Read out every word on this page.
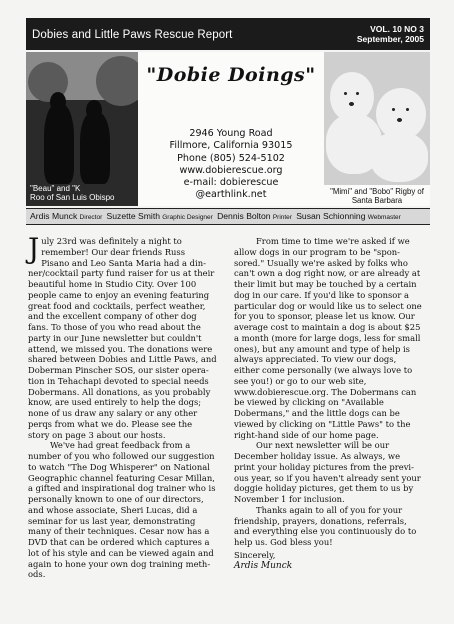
Dobies and Little Paws Rescue Report	VOL. 10 NO 3
September, 2005
"Beau" and "K
Roo of San Luis Obispo
"Dobie Doings"
2946 Young Road
Fillmore, California 93015
Phone (805) 524-5102
www.dobierescue.org
e-mail: dobierescue
@earthlink.net	"Mimi" and "Bobo" Rigby of
Santa Barbara
Ardis Munck Director Suzette Smith Graphic Designer Dennis Bolton Printer Susan Schionning Webmaster

J uly 23rd was definitely a night to
remember! Our dear friends Russ
Pisano and Leo Santa Maria had a din-
ner/cocktail party fund raiser for us at their
beautiful home in Studio City. Over 100
people came to enjoy an evening featuring
great food and cocktails, perfect weather,
and the excellent company of other dog
fans. To those of you who read about the
party in our June newsletter but couldn't
attend, we missed you. The donations were
shared between Dobies and Little Paws, and
Doberman Pinscher SOS, our sister opera-
tion in Tehachapi devoted to special needs
Dobermans. All donations, as you probably
know, are used entirely to help the dogs;
none of us draw any salary or any other
perqs from what we do. Please see the
story on page 3 about our hosts.

We've had great feedback from a
number of you who followed our suggestion
to watch "The Dog Whisperer" on National
Geographic channel featuring Cesar Millan,
a gifted and inspirational dog trainer who is
personally known to one of our directors,
and whose associate, Sheri Lucas, did a
seminar for us last year, demonstrating
many of their techniques. Cesar now has a
DVD that can be ordered which captures a
lot of his style and can be viewed again and
again to hone your own dog training meth-
ods.

From time to time we're asked if we
allow dogs in our program to be "spon-
sored." Usually we're asked by folks who
can't own a dog right now, or are already at
their limit but may be touched by a certain
dog in our care. If you'd like to sponsor a
particular dog or would like us to select one
for you to sponsor, please let us know. Our
average cost to maintain a dog is about $25
a month (more for large dogs, less for small
ones), but any amount and type of help is
always appreciated. To view our dogs,
either come personally (we always love to
see you!) or go to our web site,
www.dobierescue.org. The Dobermans can
be viewed by clicking on "Available
Dobermans," and the little dogs can be
viewed by clicking on "Little Paws" to the
right-hand side of our home page.

Our next newsletter will be our
December holiday issue. As always, we
print your holiday pictures from the previ-
ous year, so if you haven't already sent your
doggie holiday pictures, get them to us by
November 1 for inclusion.

Thanks again to all of you for your
friendship, prayers, donations, referrals,
and everything else you continuously do to
help us. God bless you!

Sincerely,

Ardis Munck
